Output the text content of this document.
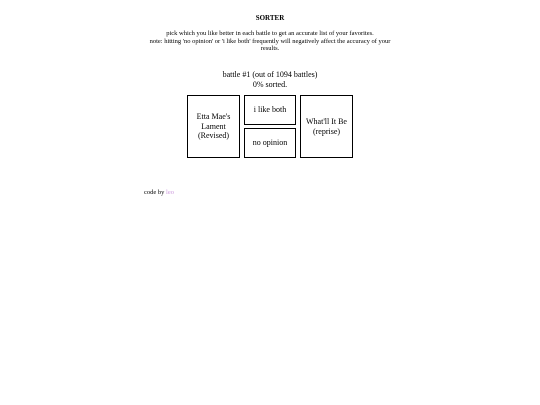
SORTER
pick which you like better in each battle to get an accurate list of your favorites.
note: hitting 'no opinion' or 'i like both' frequently will negatively affect the accuracy of your results.
battle #1 (out of 1094 battles)
0% sorted.
Etta Mae's Lament (Revised)
i like both
no opinion
What'll It Be (reprise)
code by leo
